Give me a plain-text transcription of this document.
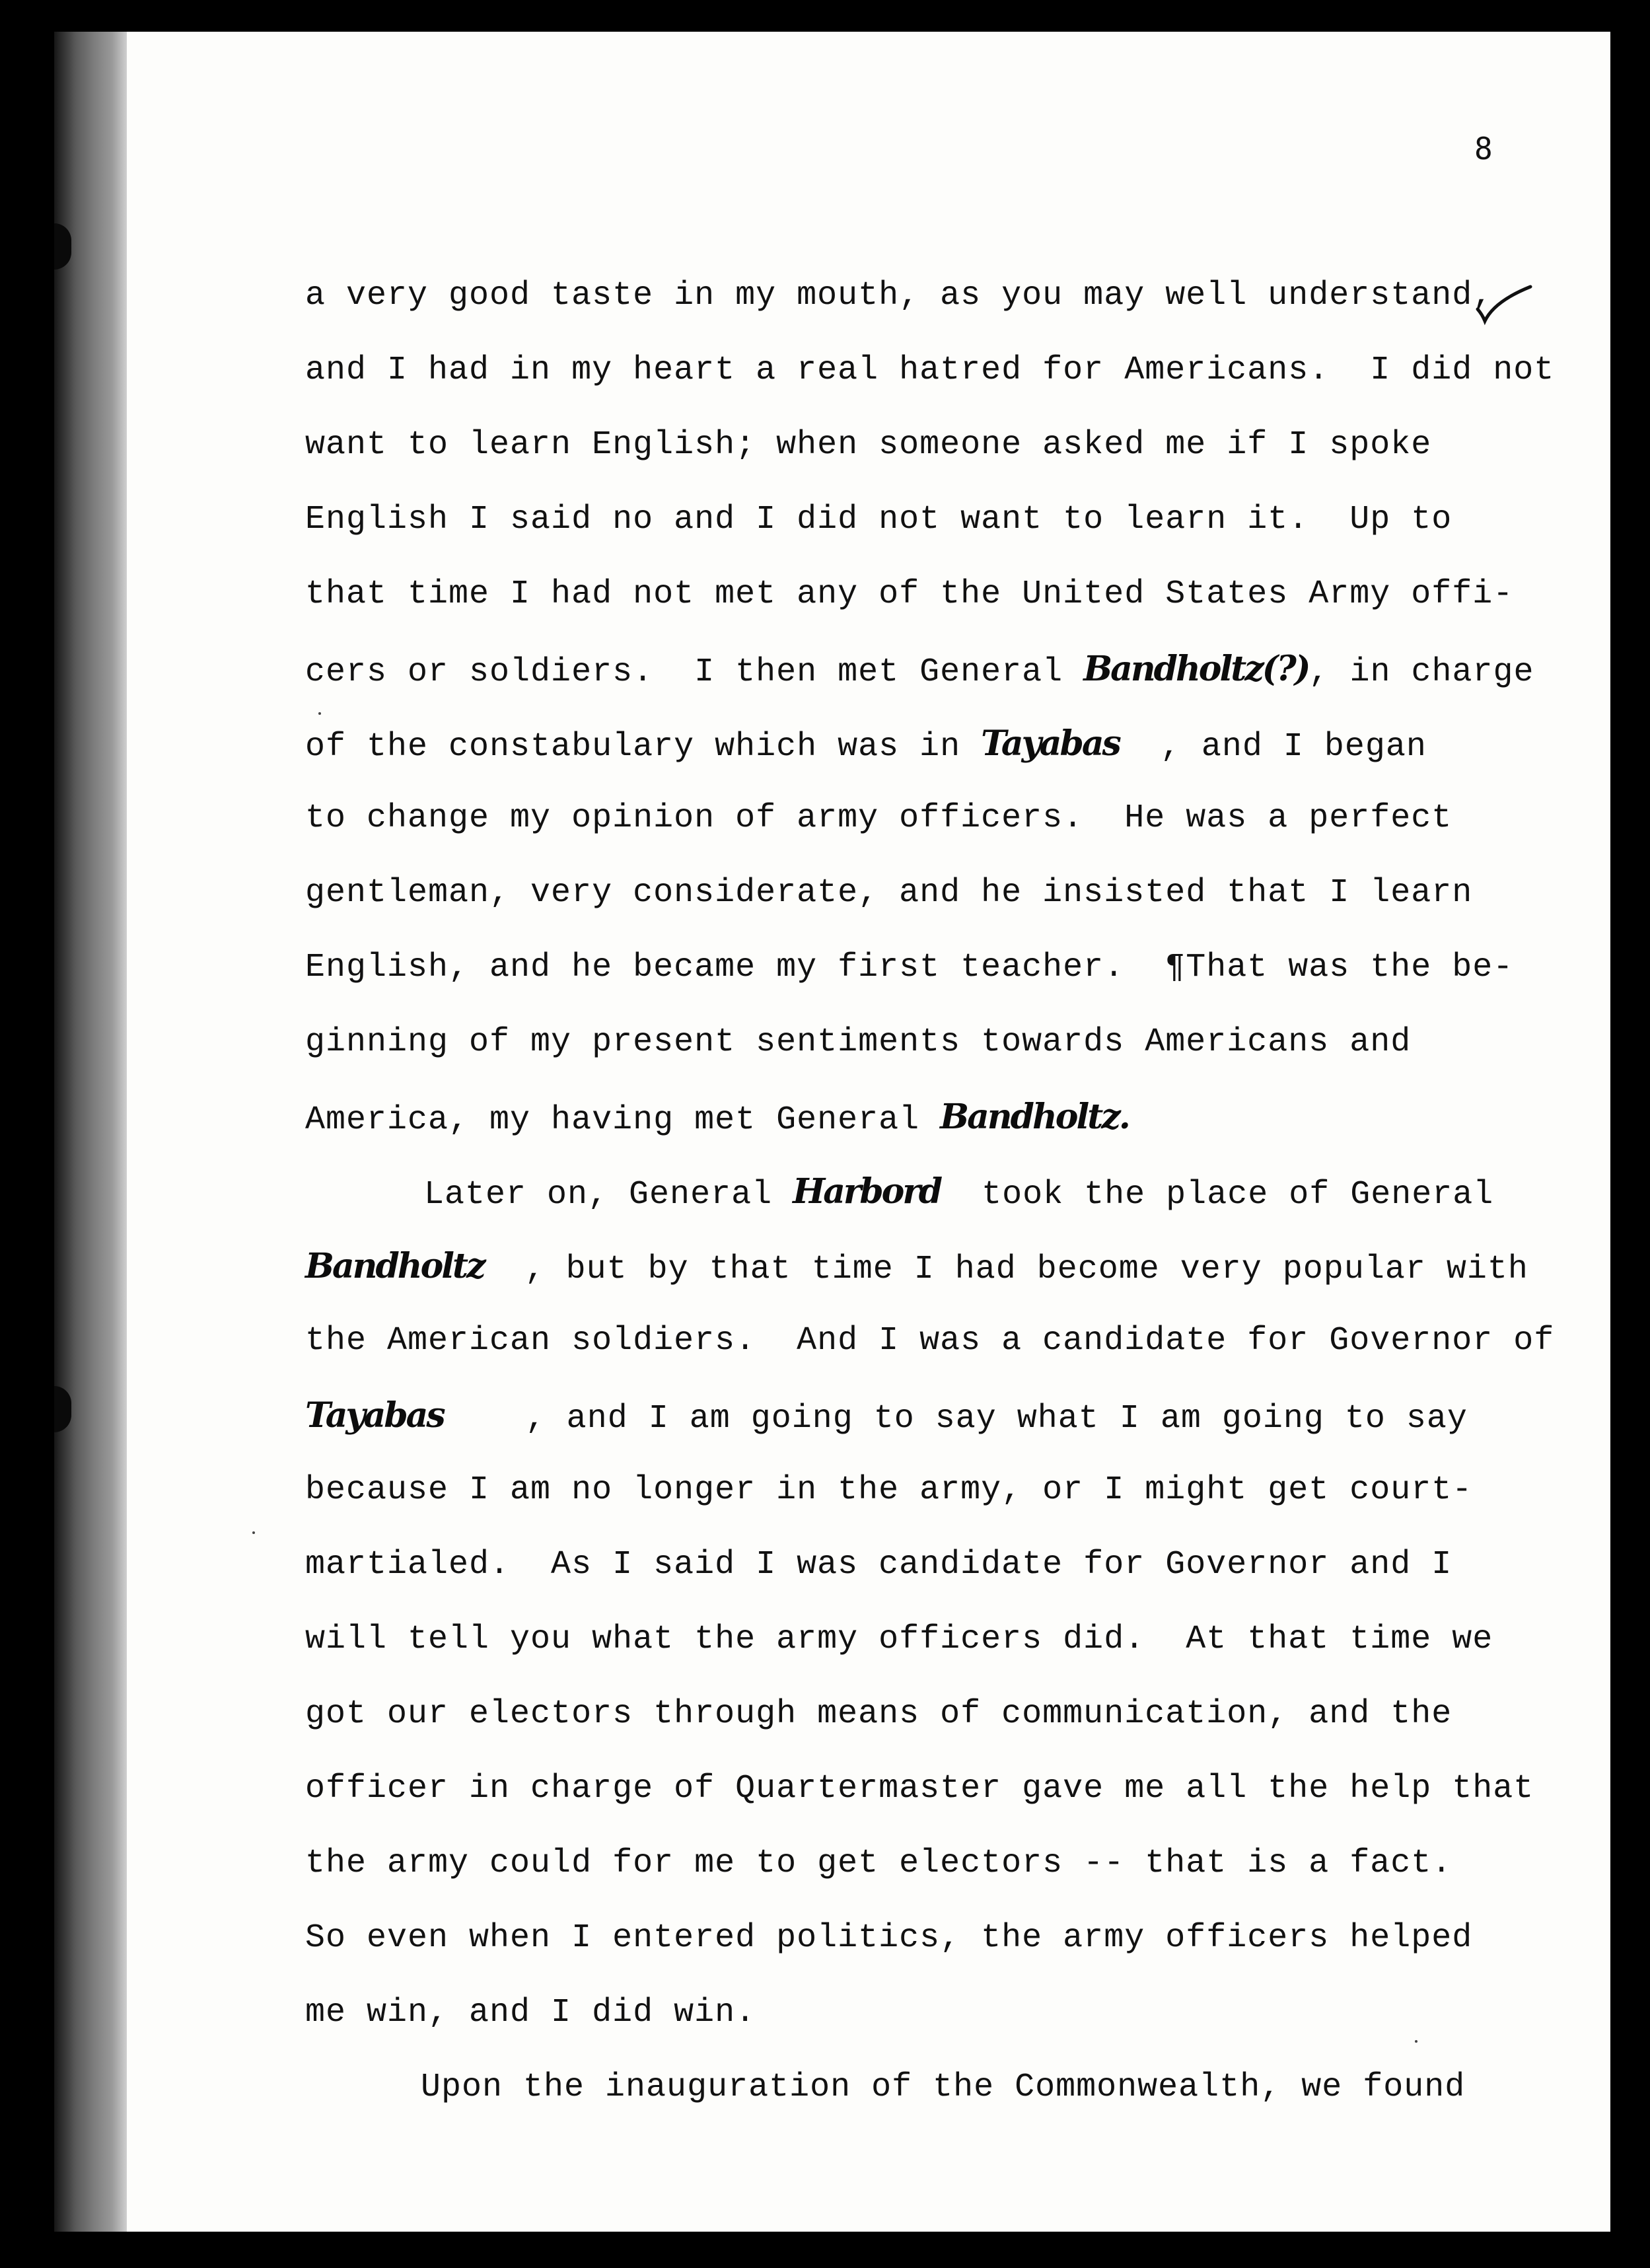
8

a very good taste in my mouth, as you may well understand,

and I had in my heart a real hatred for Americans.  I did not

want to learn English; when someone asked me if I spoke

English I said no and I did not want to learn it.  Up to

that time I had not met any of the United States Army offi-

cers or soldiers.  I then met General Bandholtz(?), in charge

of the constabulary which was in Tayabas  , and I began

to change my opinion of army officers.  He was a perfect

gentleman, very considerate, and he insisted that I learn

English, and he became my first teacher.  ¶That was the be-

ginning of my present sentiments towards Americans and

America, my having met General Bandholtz.

Later on, General Harbord  took the place of General

Bandholtz  , but by that time I had become very popular with

the American soldiers.  And I was a candidate for Governor of

Tayabas    , and I am going to say what I am going to say

because I am no longer in the army, or I might get court-

martialed.  As I said I was candidate for Governor and I

will tell you what the army officers did.  At that time we

got our electors through means of communication, and the

officer in charge of Quartermaster gave me all the help that

the army could for me to get electors -- that is a fact.

So even when I entered politics, the army officers helped

me win, and I did win.

Upon the inauguration of the Commonwealth, we found
